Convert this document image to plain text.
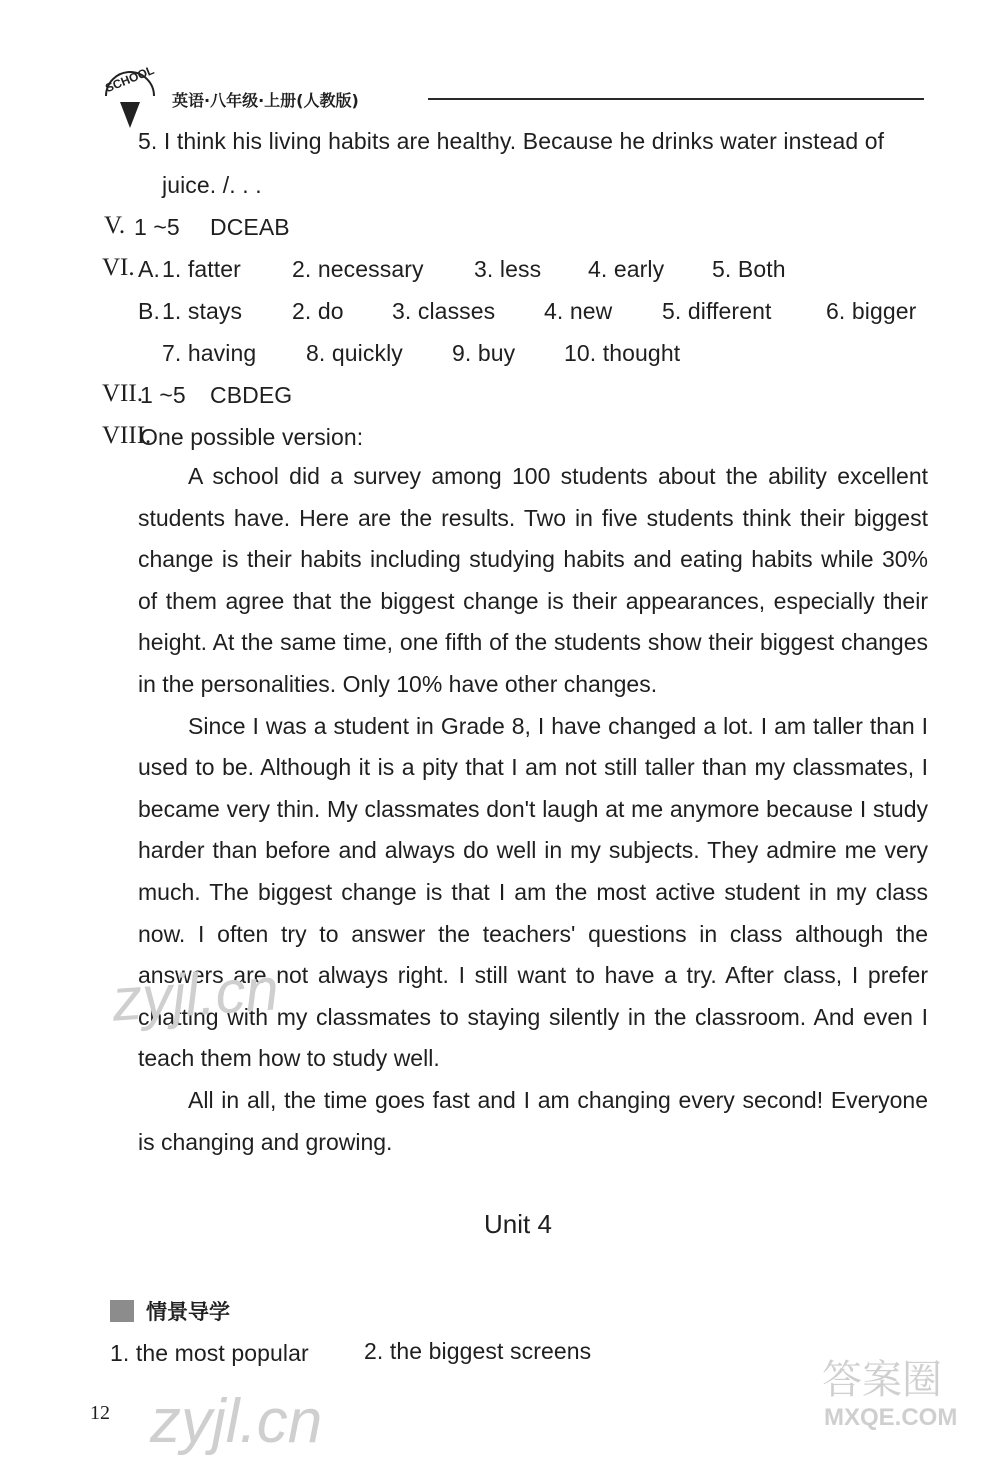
SCHOOL
英语·八年级·上册(人教版)
5. I think his living habits are healthy. Because he drinks water instead of
juice. /. . .
V. 1 ~5 DCEAB
VI. A. 1. fatter 2. necessary 3. less 4. early 5. Both
B. 1. stays 2. do 3. classes 4. new 5. different 6. bigger
7. having 8. quickly 9. buy 10. thought
VII.
1 ~5 CBDEG
VIII.
One possible version:

A school did a survey among 100 students about the ability excellent students have. Here are the results. Two in five students think their biggest change is their habits including studying habits and eating habits while 30% of them agree that the biggest change is their appearances, especially their height. At the same time, one fifth of the students show their biggest changes in the personalities. Only 10% have other changes.

Since I was a student in Grade 8, I have changed a lot. I am taller than I used to be. Although it is a pity that I am not still taller than my classmates, I became very thin. My classmates don't laugh at me anymore because I study harder than before and always do well in my subjects. They admire me very much. The biggest change is that I am the most active student in my class now. I often try to answer the teachers' questions in class although the answers are not always right. I still want to have a try. After class, I prefer chatting with my classmates to staying silently in the classroom. And even I teach them how to study well.

All in all, the time goes fast and I am changing every second! Everyone is changing and growing.

zyjl.cn
Unit 4
情景导学
1. the most popular 2. the biggest screens
12 zyjl.cn
答案圈
MXQE.COM
